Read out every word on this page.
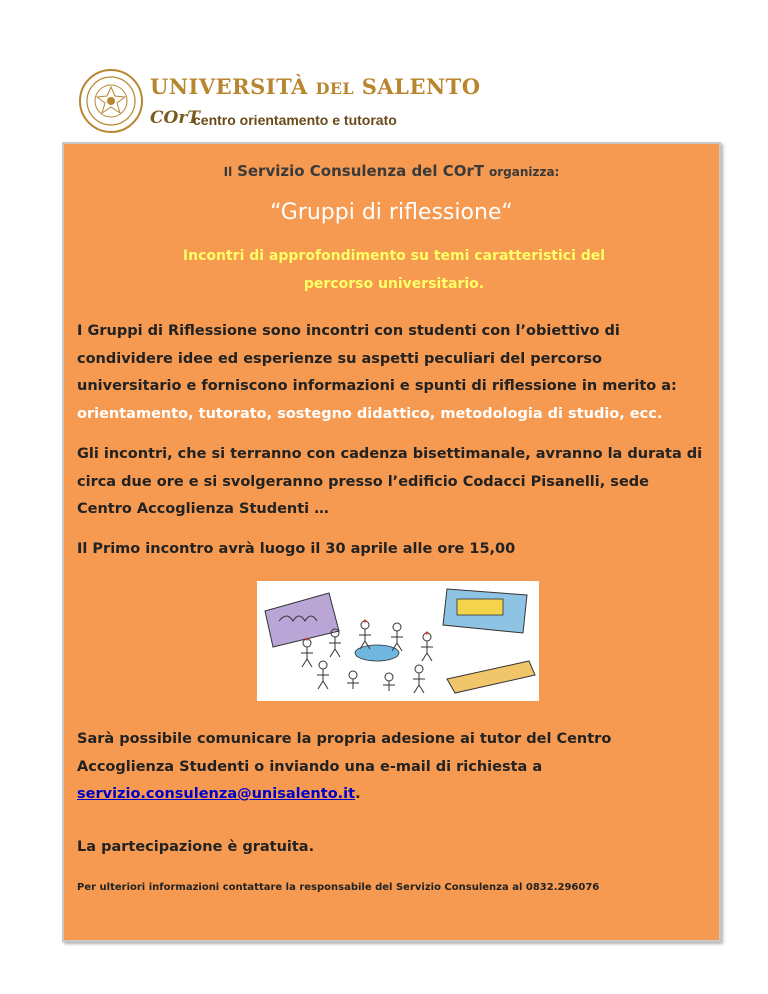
UNIVERSITÀ DEL SALENTO
COrT
centro orientamento e tutorato
Il Servizio Consulenza del COrT organizza:
“Gruppi di riflessione“
Incontri di approfondimento su temi caratteristici del
percorso universitario.
I Gruppi di Riflessione sono incontri con studenti con l’obiettivo di condividere idee ed esperienze su aspetti peculiari del percorso universitario e forniscono informazioni e spunti di riflessione in merito a: orientamento, tutorato, sostegno didattico, metodologia di studio, ecc.
Gli incontri, che si terranno con cadenza bisettimanale, avranno la durata di circa due ore e si svolgeranno presso l’edificio Codacci Pisanelli, sede Centro Accoglienza Studenti …
Il Primo incontro avrà luogo il 30 aprile alle ore 15,00
Sarà possibile comunicare la propria adesione ai tutor del Centro Accoglienza Studenti o inviando una e-mail di richiesta a servizio.consulenza@unisalento.it.
La partecipazione è gratuita.
Per ulteriori informazioni contattare la responsabile del Servizio Consulenza al 0832.296076
